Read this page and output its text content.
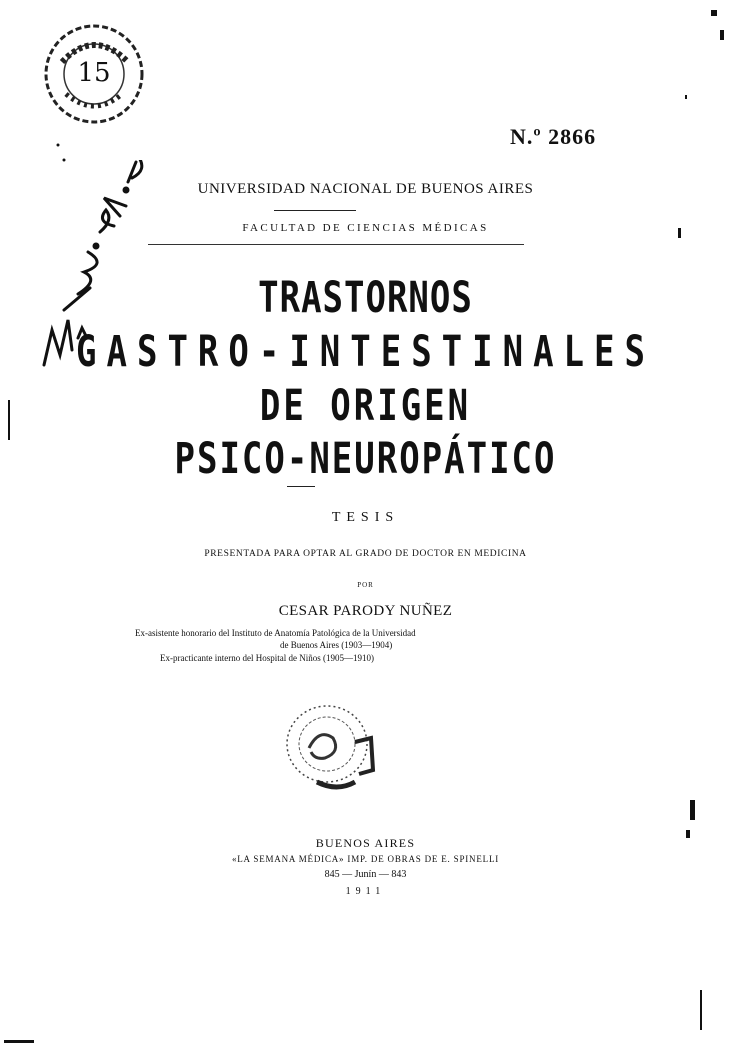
15
N.º 2866
UNIVERSIDAD NACIONAL DE BUENOS AIRES
FACULTAD DE CIENCIAS MÉDICAS
TRASTORNOS
GASTRO-INTESTINALES
DE ORIGEN
PSICO-NEUROPÁTICO
TESIS
PRESENTADA PARA OPTAR AL GRADO DE DOCTOR EN MEDICINA
POR
CESAR PARODY NUÑEZ
Ex-asistente honorario del Instituto de Anatomía Patológica de la Universidad
de Buenos Aires (1903—1904)
Ex-practicante interno del Hospital de Niños (1905—1910)
BUENOS AIRES
«LA SEMANA MÉDICA» IMP. DE OBRAS DE E. SPINELLI
845 — Junín — 843
1911
